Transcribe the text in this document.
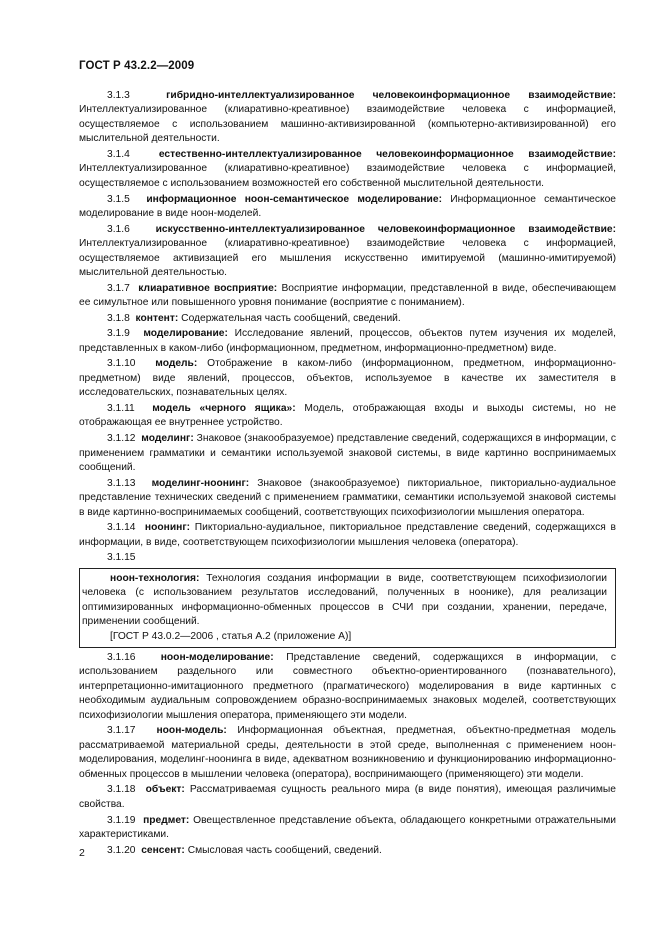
ГОСТ Р 43.2.2—2009

3.1.3	гибридно-интеллектуализированное человекоинформационное взаимодействие: Интеллектуализированное (клиаративно-креативное) взаимодействие человека с информацией, осуществляемое с использованием машинно-активизированной (компьютерно-активизированной) его мыслительной деятельности.

3.1.4	естественно-интеллектуализированное человекоинформационное взаимодействие: Интеллектуализированное (клиаративно-креативное) взаимодействие человека с информацией, осуществляемое с использованием возможностей его собственной мыслительной деятельности.

3.1.5 информационное ноон-семантическое моделирование: Информационное семантическое моделирование в виде ноон-моделей.

3.1.6	искусственно-интеллектуализированное человекоинформационное взаимодействие: Интеллектуализированное (клиаративно-креативное) взаимодействие человека с информацией, осуществляемое активизацией его мышления искусственно имитируемой (машинно-имитируемой) мыслительной деятельностью.

3.1.7 клиаративное восприятие: Восприятие информации, представленной в виде, обеспечивающем ее симультное или повышенного уровня понимание (восприятие с пониманием).

3.1.8 контент: Содержательная часть сообщений, сведений.

3.1.9 моделирование: Исследование явлений, процессов, объектов путем изучения их моделей, представленных в каком-либо (информационном, предметном, информационно-предметном) виде.

3.1.10 модель: Отображение в каком-либо (информационном, предметном, информационно-предметном) виде явлений, процессов, объектов, используемое в качестве их заместителя в исследовательских, познавательных целях.

3.1.11 модель «черного ящика»: Модель, отображающая входы и выходы системы, но не отображающая ее внутреннее устройство.

3.1.12 моделинг: Знаковое (знакообразуемое) представление сведений, содержащихся в информации, с применением грамматики и семантики используемой знаковой системы, в виде картинно воспринимаемых сообщений.

3.1.13 моделинг-ноонинг: Знаковое (знакообразуемое) пиктoриальное, пиктoриально-аудиальное представление технических сведений с применением грамматики, семантики используемой знаковой системы в виде картинно-воспринимаемых сообщений, соответствующих психофизиологии мышления оператора.

3.1.14 ноонинг: Пиктoриально-аудиальное, пиктoриальное представление сведений, содержащихся в информации, в виде, соответствующем психофизиологии мышления человека (оператора).

3.1.15

ноон-технология: Технология создания информации в виде, соответствующем психофизиологии человека (с использованием результатов исследований, полученных в ноонике), для реализации оптимизированных информационно-обменных процессов в СЧИ при создании, хранении, передаче, применении сообщений.

[ГОСТ Р 43.0.2—2006 , статья А.2 (приложение А)]

3.1.16 ноон-моделирование: Представление сведений, содержащихся в информации, с использованием раздельного или совместного объектно-ориентированного (познавательного), интерпретационно-имитационного предметного (прагматического) моделирования в виде картинных с необходимым аудиальным сопровождением образно-воспринимаемых знаковых моделей, соответствующих психофизиологии мышления оператора, применяющего эти модели.

3.1.17 ноон-модель: Информационная объектная, предметная, объектно-предметная модель рассматриваемой материальной среды, деятельности в этой среде, выполненная с применением ноон-моделирования, моделинг-ноонинга в виде, адекватном возникновению и функционированию информационно-обменных процессов в мышлении человека (оператора), воспринимающего (применяющего) эти модели.

3.1.18 объект: Рассматриваемая сущность реального мира (в виде понятия), имеющая различимые свойства.

3.1.19 предмет: Овеществленное представление объекта, обладающего конкретными отражательными характеристиками.

3.1.20 сенсент: Смысловая часть сообщений, сведений.

2
